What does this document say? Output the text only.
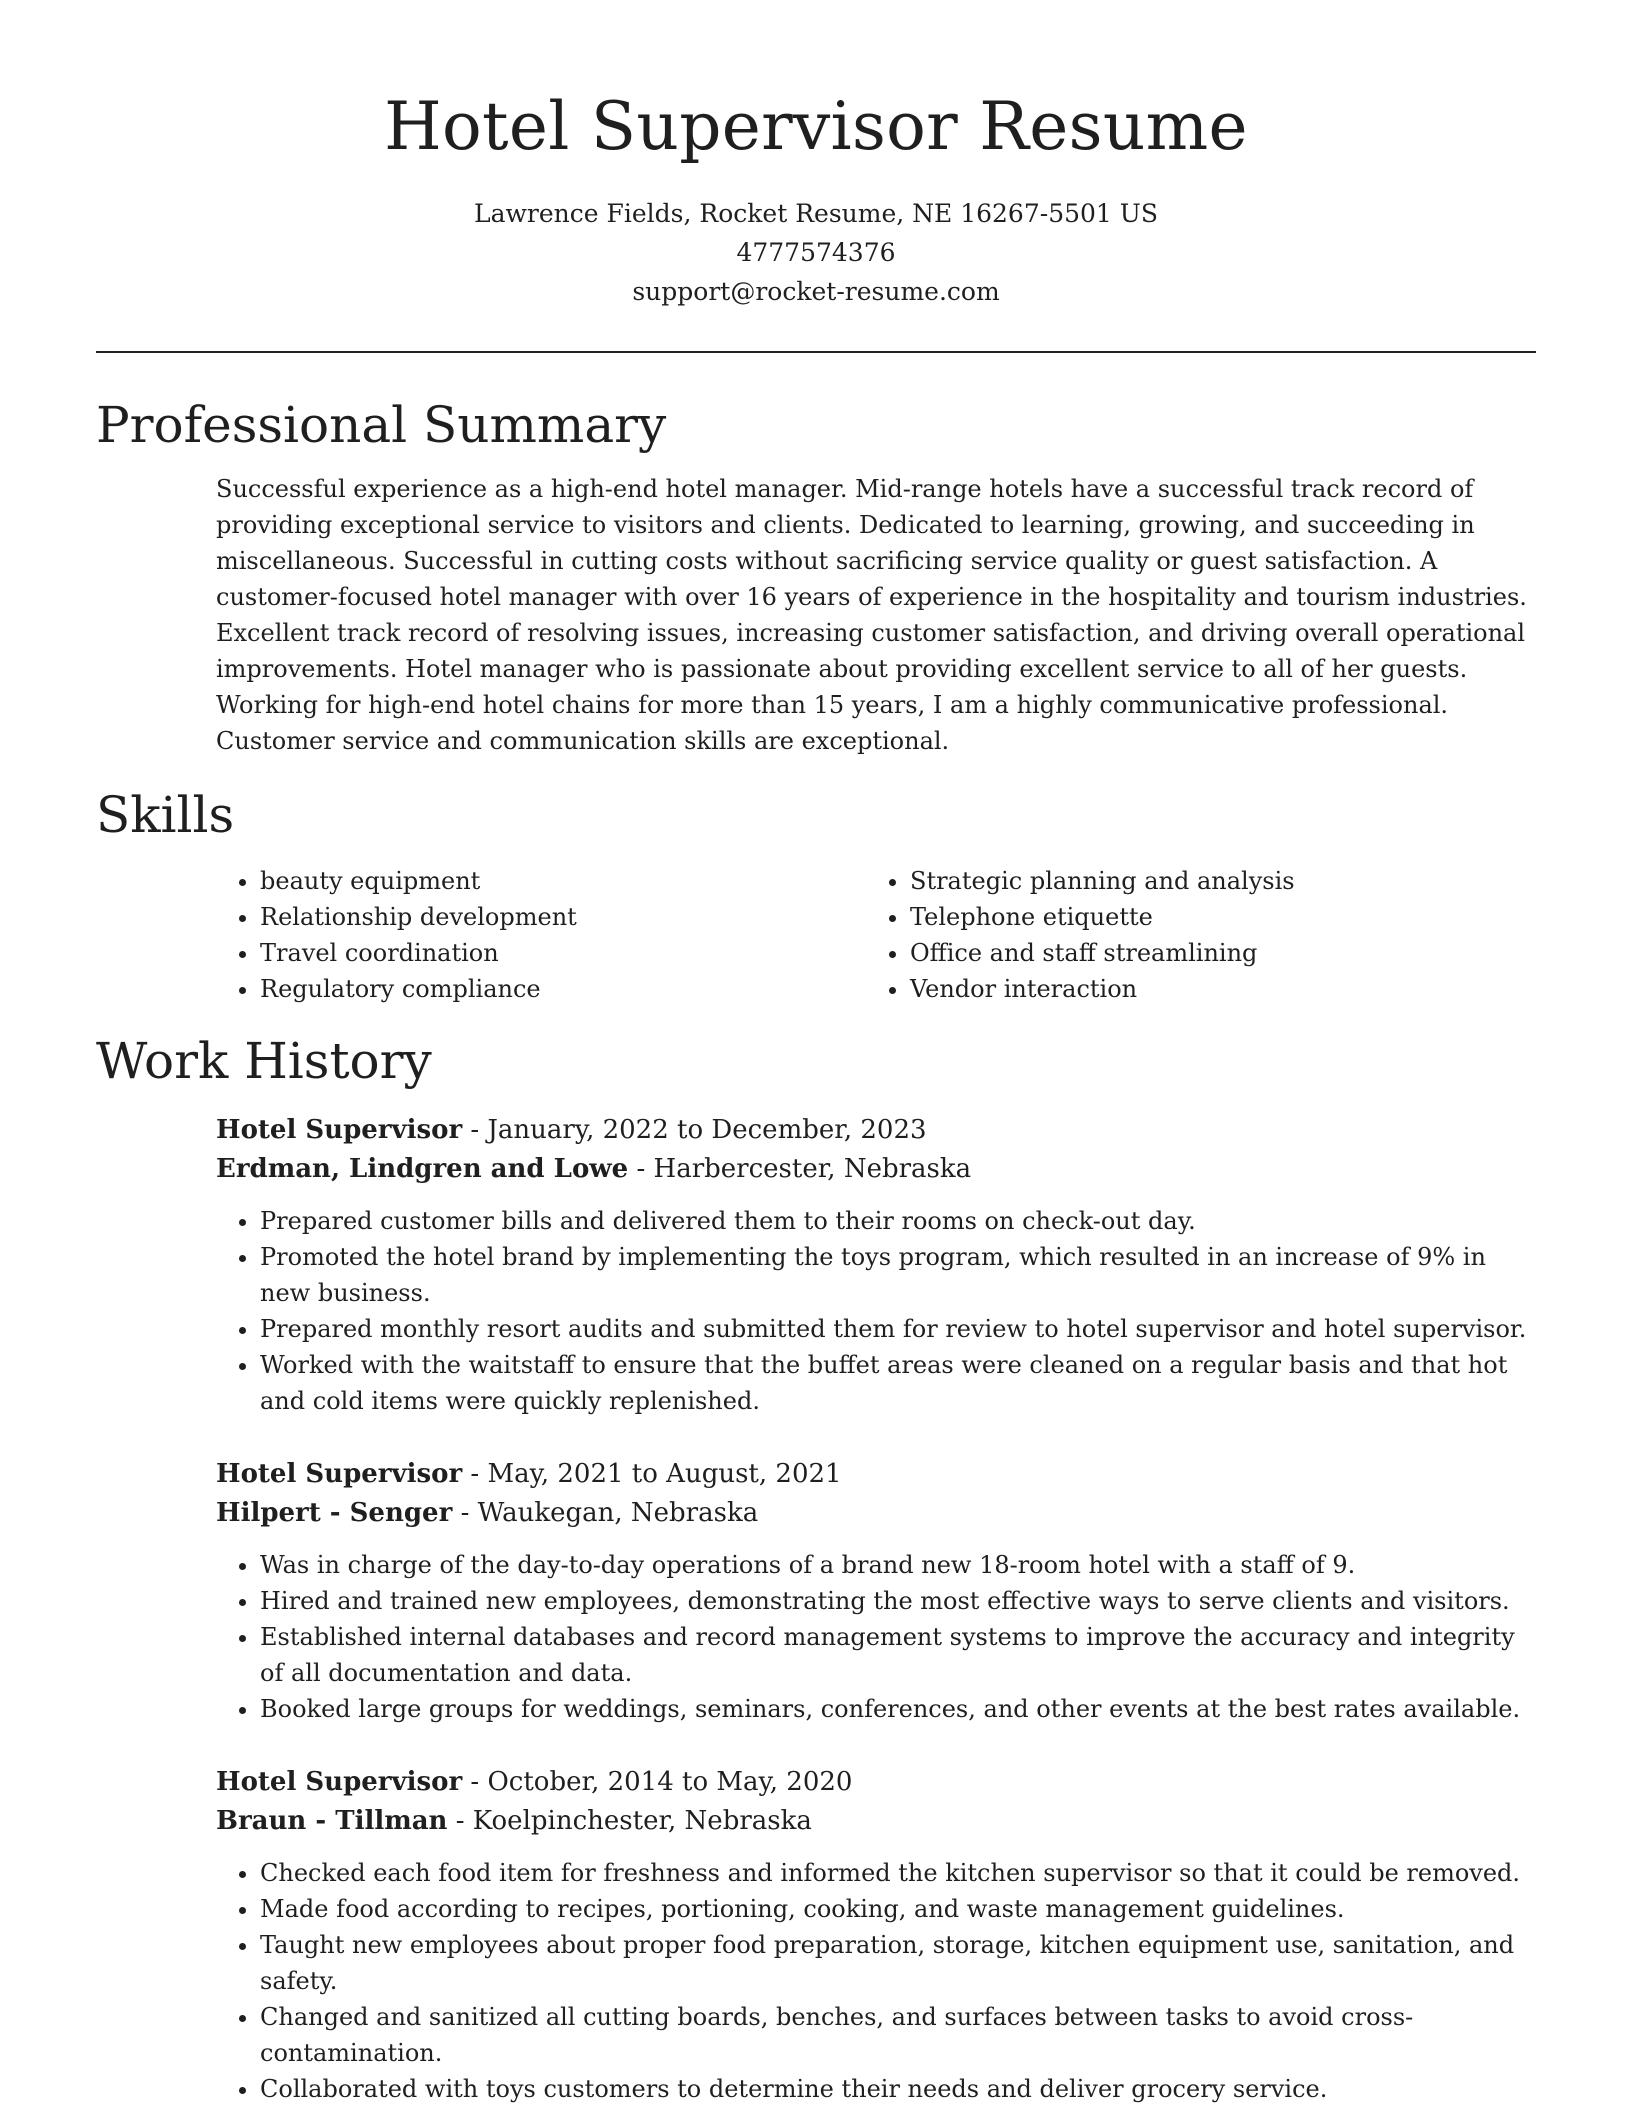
Hotel Supervisor Resume
Lawrence Fields, Rocket Resume, NE 16267-5501 US
4777574376
support@rocket-resume.com
Professional Summary

Successful experience as a high-end hotel manager. Mid-range hotels have a successful track record of providing exceptional service to visitors and clients. Dedicated to learning, growing, and succeeding in miscellaneous. Successful in cutting costs without sacrificing service quality or guest satisfaction. A customer-focused hotel manager with over 16 years of experience in the hospitality and tourism industries. Excellent track record of resolving issues, increasing customer satisfaction, and driving overall operational improvements. Hotel manager who is passionate about providing excellent service to all of her guests. Working for high-end hotel chains for more than 15 years, I am a highly communicative professional. Customer service and communication skills are exceptional.

Skills
• beauty equipment
• Relationship development
• Travel coordination
• Regulatory compliance
• Strategic planning and analysis
• Telephone etiquette
• Office and staff streamlining
• Vendor interaction
Work History
Hotel Supervisor - January, 2022 to December, 2023
Erdman, Lindgren and Lowe - Harbercester, Nebraska
• Prepared customer bills and delivered them to their rooms on check-out day.
• Promoted the hotel brand by implementing the toys program, which resulted in an increase of 9% in new business.
• Prepared monthly resort audits and submitted them for review to hotel supervisor and hotel supervisor.
• Worked with the waitstaff to ensure that the buffet areas were cleaned on a regular basis and that hot and cold items were quickly replenished.
Hotel Supervisor - May, 2021 to August, 2021
Hilpert - Senger - Waukegan, Nebraska
• Was in charge of the day-to-day operations of a brand new 18-room hotel with a staff of 9.
• Hired and trained new employees, demonstrating the most effective ways to serve clients and visitors.
• Established internal databases and record management systems to improve the accuracy and integrity of all documentation and data.
• Booked large groups for weddings, seminars, conferences, and other events at the best rates available.
Hotel Supervisor - October, 2014 to May, 2020
Braun - Tillman - Koelpinchester, Nebraska
• Checked each food item for freshness and informed the kitchen supervisor so that it could be removed.
• Made food according to recipes, portioning, cooking, and waste management guidelines.
• Taught new employees about proper food preparation, storage, kitchen equipment use, sanitation, and safety.
• Changed and sanitized all cutting boards, benches, and surfaces between tasks to avoid cross-contamination.
• Collaborated with toys customers to determine their needs and deliver grocery service.
